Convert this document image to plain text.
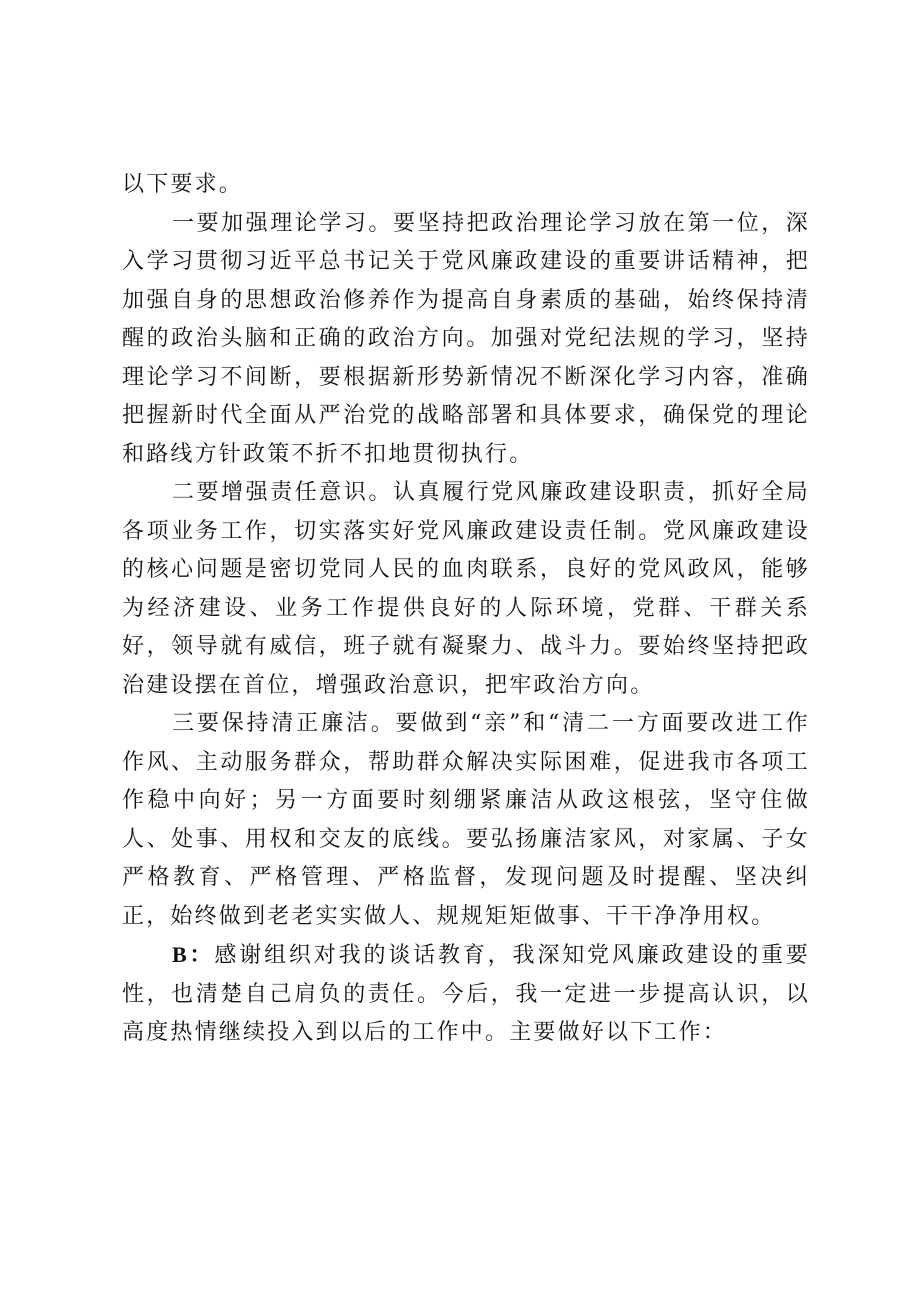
以下要求。

一要加强理论学习。要坚持把政治理论学习放在第一位，深入学习贯彻习近平总书记关于党风廉政建设的重要讲话精神，把加强自身的思想政治修养作为提高自身素质的基础，始终保持清醒的政治头脑和正确的政治方向。加强对党纪法规的学习，坚持理论学习不间断，要根据新形势新情况不断深化学习内容，准确把握新时代全面从严治党的战略部署和具体要求，确保党的理论和路线方针政策不折不扣地贯彻执行。

二要增强责任意识。认真履行党风廉政建设职责，抓好全局各项业务工作，切实落实好党风廉政建设责任制。党风廉政建设的核心问题是密切党同人民的血肉联系，良好的党风政风，能够为经济建设、业务工作提供良好的人际环境，党群、干群关系好，领导就有威信，班子就有凝聚力、战斗力。要始终坚持把政治建设摆在首位，增强政治意识，把牢政治方向。

三要保持清正廉洁。要做到“亲”和“清二一方面要改进工作作风、主动服务群众，帮助群众解决实际困难，促进我市各项工作稳中向好；另一方面要时刻绷紧廉洁从政这根弦，坚守住做人、处事、用权和交友的底线。要弘扬廉洁家风，对家属、子女严格教育、严格管理、严格监督，发现问题及时提醒、坚决纠正，始终做到老老实实做人、规规矩矩做事、干干净净用权。

B：感谢组织对我的谈话教育，我深知党风廉政建设的重要性，也清楚自己肩负的责任。今后，我一定进一步提高认识，以高度热情继续投入到以后的工作中。主要做好以下工作：
